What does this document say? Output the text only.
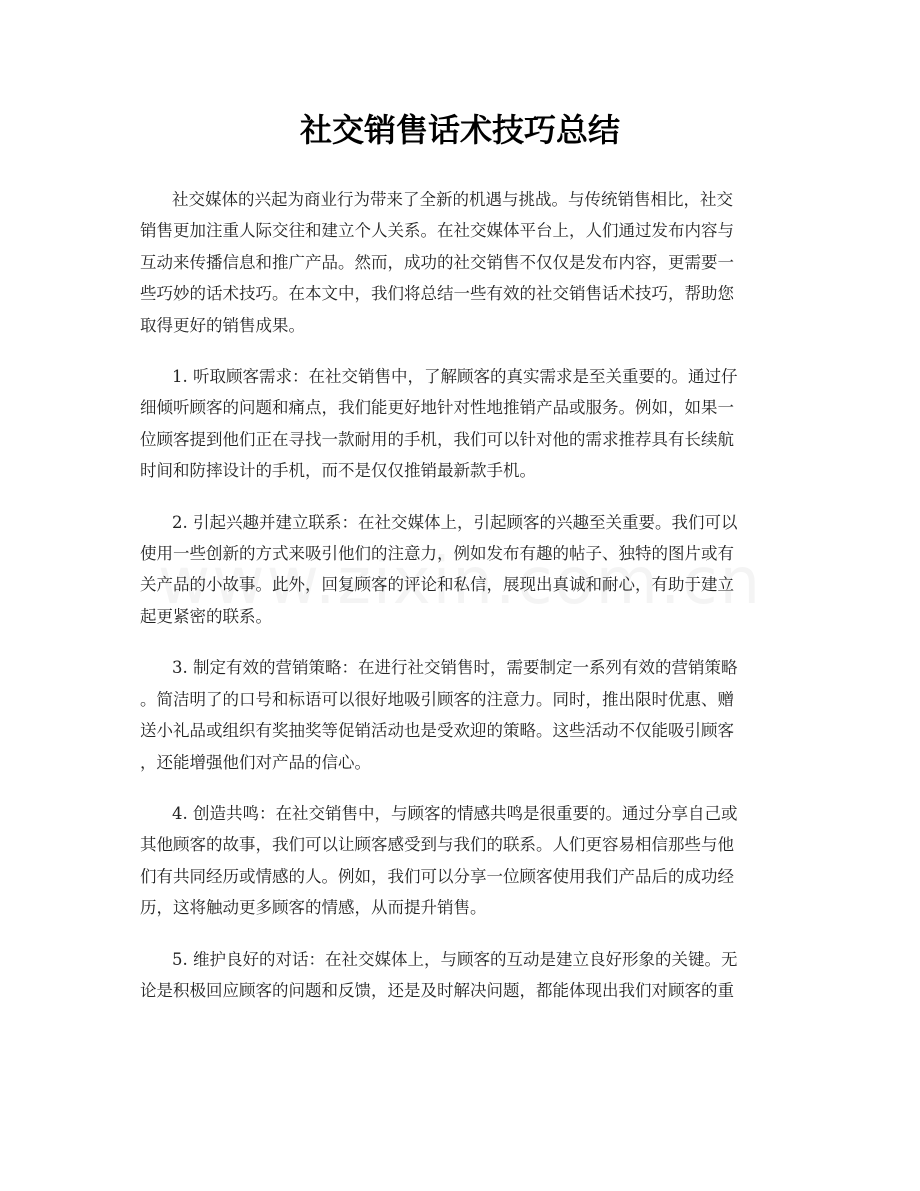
社交销售话术技巧总结

社交媒体的兴起为商业行为带来了全新的机遇与挑战。与传统销售相比，社交
销售更加注重人际交往和建立个人关系。在社交媒体平台上，人们通过发布内容与
互动来传播信息和推广产品。然而，成功的社交销售不仅仅是发布内容，更需要一
些巧妙的话术技巧。在本文中，我们将总结一些有效的社交销售话术技巧，帮助您
取得更好的销售成果。

1. 听取顾客需求：在社交销售中，了解顾客的真实需求是至关重要的。通过仔
细倾听顾客的问题和痛点，我们能更好地针对性地推销产品或服务。例如，如果一
位顾客提到他们正在寻找一款耐用的手机，我们可以针对他的需求推荐具有长续航
时间和防摔设计的手机，而不是仅仅推销最新款手机。

2. 引起兴趣并建立联系：在社交媒体上，引起顾客的兴趣至关重要。我们可以
使用一些创新的方式来吸引他们的注意力，例如发布有趣的帖子、独特的图片或有
关产品的小故事。此外，回复顾客的评论和私信，展现出真诚和耐心，有助于建立
起更紧密的联系。

3. 制定有效的营销策略：在进行社交销售时，需要制定一系列有效的营销策略
。简洁明了的口号和标语可以很好地吸引顾客的注意力。同时，推出限时优惠、赠
送小礼品或组织有奖抽奖等促销活动也是受欢迎的策略。这些活动不仅能吸引顾客
，还能增强他们对产品的信心。

4. 创造共鸣：在社交销售中，与顾客的情感共鸣是很重要的。通过分享自己或
其他顾客的故事，我们可以让顾客感受到与我们的联系。人们更容易相信那些与他
们有共同经历或情感的人。例如，我们可以分享一位顾客使用我们产品后的成功经
历，这将触动更多顾客的情感，从而提升销售。

5. 维护良好的对话：在社交媒体上，与顾客的互动是建立良好形象的关键。无
论是积极回应顾客的问题和反馈，还是及时解决问题，都能体现出我们对顾客的重
